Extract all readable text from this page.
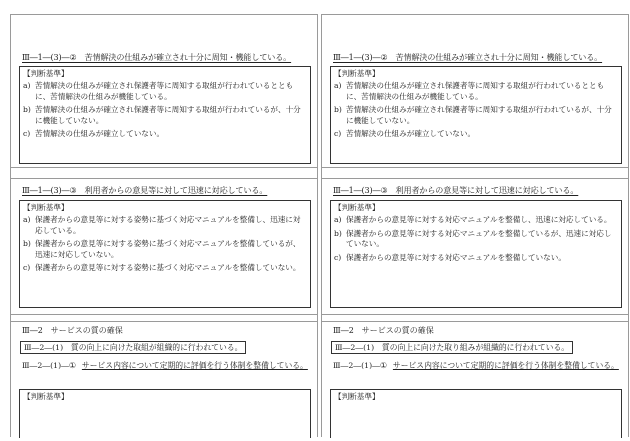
Ⅲ―1―(3)―②　苦情解決の仕組みが確立され十分に周知・機能している。
【判断基準】
a) 苦情解決の仕組みが確立され保護者等に周知する取組が行われているとともに、苦情解決の仕組みが機能している。
b) 苦情解決の仕組みが確立され保護者等に周知する取組が行われているが、十分に機能していない。
c) 苦情解決の仕組みが確立していない。
Ⅲ―1―(3)―③　利用者からの意見等に対して迅速に対応している。
【判断基準】
a) 保護者からの意見等に対する姿勢に基づく対応マニュアルを整備し、迅速に対応している。
b) 保護者からの意見等に対する姿勢に基づく対応マニュアルを整備しているが、迅速に対応していない。
c) 保護者からの意見等に対する姿勢に基づく対応マニュアルを整備していない。
Ⅲ―2　サービスの質の確保
Ⅲ―2―(1)　質の向上に向けた取組が組織的に行われている。
Ⅲ―2―(1)―① サービス内容について定期的に評価を行う体制を整備している。
【判断基準】
Ⅲ―1―(3)―②　苦情解決の仕組みが確立され十分に周知・機能している。
【判断基準】
a) 苦情解決の仕組みが確立され保護者等に周知する取組が行われているとともに、苦情解決の仕組みが機能している。
b) 苦情解決の仕組みが確立され保護者等に周知する取組が行われているが、十分に機能していない。
c) 苦情解決の仕組みが確立していない。
Ⅲ―1―(3)―③　利用者からの意見等に対して迅速に対応している。
【判断基準】
a) 保護者からの意見等に対する対応マニュアルを整備し、迅速に対応している。
b) 保護者からの意見等に対する対応マニュアルを整備しているが、迅速に対応していない。
c) 保護者からの意見等に対する対応マニュアルを整備していない。
Ⅲ―2　サービスの質の確保
Ⅲ―2―(1)　質の向上に向けた取り組みが組織的に行われている。
Ⅲ―2―(1)―① サービス内容について定期的に評価を行う体制を整備している。
【判断基準】
